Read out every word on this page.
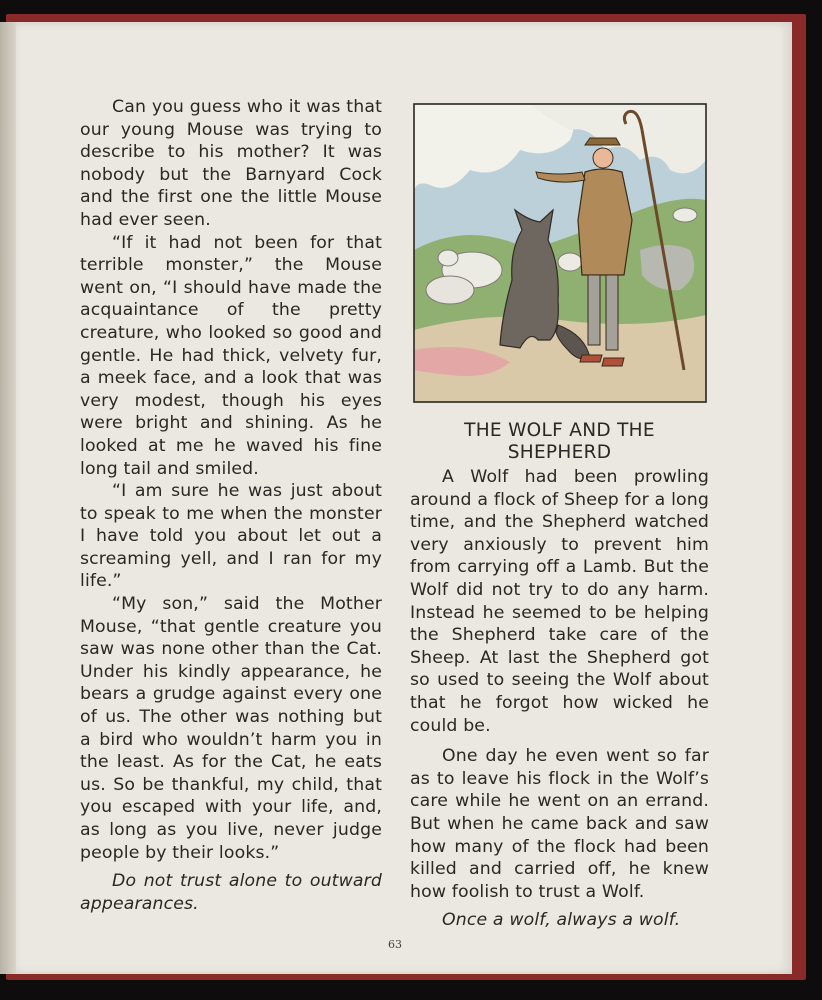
Can you guess who it was that our young Mouse was trying to describe to his mother? It was nobody but the Barnyard Cock and the first one the little Mouse had ever seen.

“If it had not been for that terrible monster,” the Mouse went on, “I should have made the acquaintance of the pretty creature, who looked so good and gentle. He had thick, velvety fur, a meek face, and a look that was very modest, though his eyes were bright and shining. As he looked at me he waved his fine long tail and smiled.

“I am sure he was just about to speak to me when the monster I have told you about let out a screaming yell, and I ran for my life.”

“My son,” said the Mother Mouse, “that gentle creature you saw was none other than the Cat. Under his kindly appearance, he bears a grudge against every one of us. The other was nothing but a bird who wouldn’t harm you in the least. As for the Cat, he eats us. So be thankful, my child, that you escaped with your life, and, as long as you live, never judge people by their looks.”

Do not trust alone to outward appearances.

THE WOLF AND THE SHEPHERD

A Wolf had been prowling around a flock of Sheep for a long time, and the Shepherd watched very anxiously to prevent him from carrying off a Lamb. But the Wolf did not try to do any harm. Instead he seemed to be helping the Shepherd take care of the Sheep. At last the Shepherd got so used to seeing the Wolf about that he forgot how wicked he could be.

One day he even went so far as to leave his flock in the Wolf’s care while he went on an errand. But when he came back and saw how many of the flock had been killed and carried off, he knew how foolish to trust a Wolf.

Once a wolf, always a wolf.

63
